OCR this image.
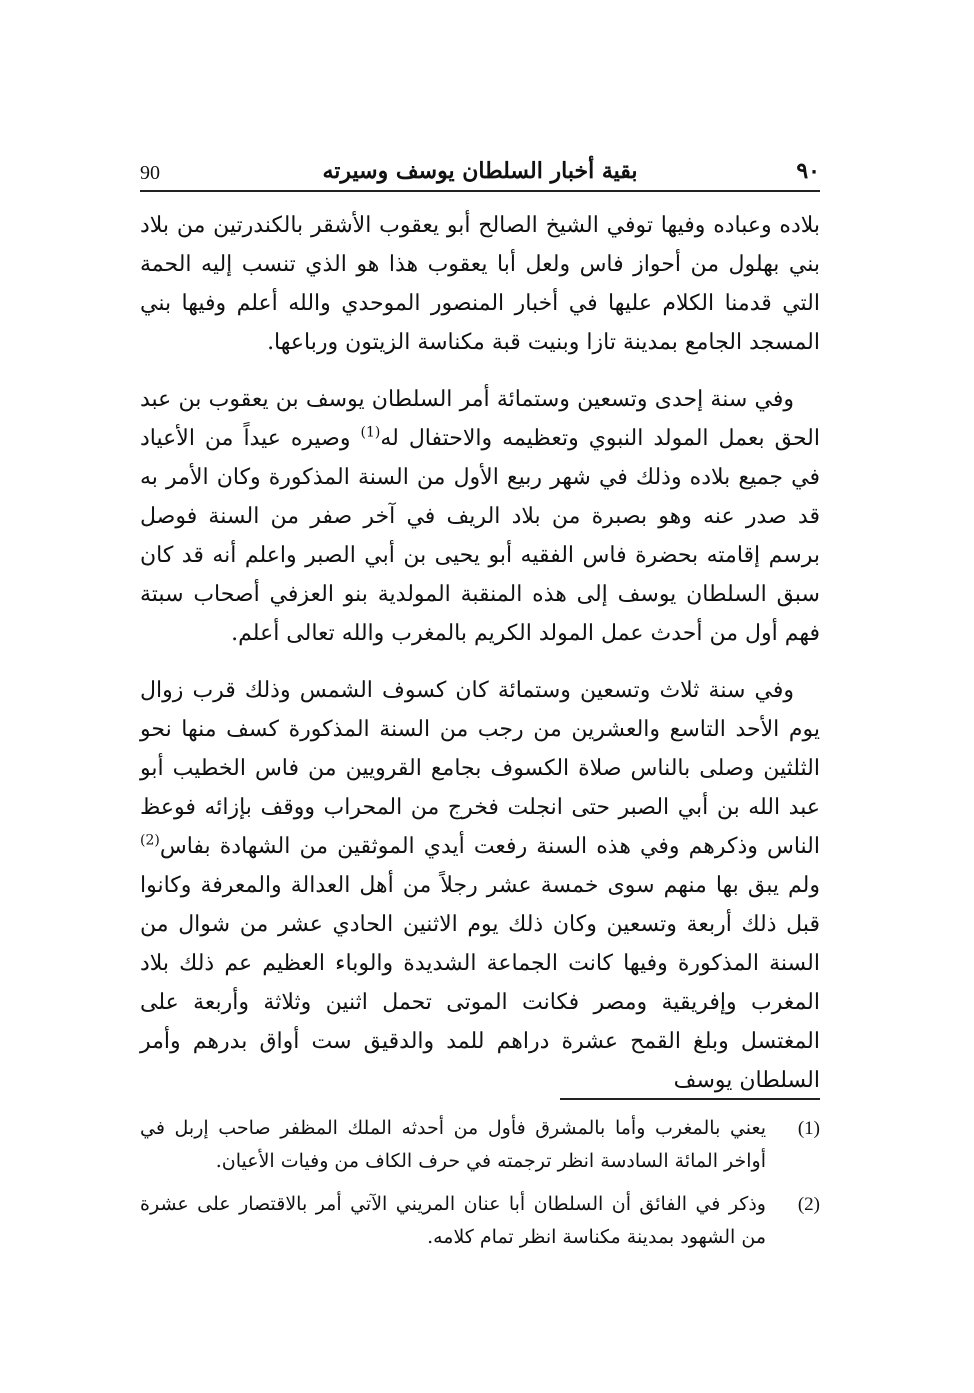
90	بقية أخبار السلطان يوسف وسيرته	٩٠

بلاده وعباده وفيها توفي الشيخ الصالح أبو يعقوب الأشقر بالكندرتين من بلاد بني بهلول من أحواز فاس ولعل أبا يعقوب هذا هو الذي تنسب إليه الحمة التي قدمنا الكلام عليها في أخبار المنصور الموحدي والله أعلم وفيها بني المسجد الجامع بمدينة تازا وبنيت قبة مكناسة الزيتون ورباعها.

وفي سنة إحدى وتسعين وستمائة أمر السلطان يوسف بن يعقوب بن عبد الحق بعمل المولد النبوي وتعظيمه والاحتفال له$^{(1)}$ وصيره عيداً من الأعياد في جميع بلاده وذلك في شهر ربيع الأول من السنة المذكورة وكان الأمر به قد صدر عنه وهو بصبرة من بلاد الريف في آخر صفر من السنة فوصل برسم إقامته بحضرة فاس الفقيه أبو يحيى بن أبي الصبر واعلم أنه قد كان سبق السلطان يوسف إلى هذه المنقبة المولدية بنو العزفي أصحاب سبتة فهم أول من أحدث عمل المولد الكريم بالمغرب والله تعالى أعلم.

وفي سنة ثلاث وتسعين وستمائة كان كسوف الشمس وذلك قرب زوال يوم الأحد التاسع والعشرين من رجب من السنة المذكورة كسف منها نحو الثلثين وصلى بالناس صلاة الكسوف بجامع القرويين من فاس الخطيب أبو عبد الله بن أبي الصبر حتى انجلت فخرج من المحراب ووقف بإزائه فوعظ الناس وذكرهم وفي هذه السنة رفعت أيدي الموثقين من الشهادة بفاس$^{(2)}$ ولم يبق بها منهم سوى خمسة عشر رجلاً من أهل العدالة والمعرفة وكانوا قبل ذلك أربعة وتسعين وكان ذلك يوم الاثنين الحادي عشر من شوال من السنة المذكورة وفيها كانت الجماعة الشديدة والوباء العظيم عم ذلك بلاد المغرب وإفريقية ومصر فكانت الموتى تحمل اثنين وثلاثة وأربعة على المغتسل وبلغ القمح عشرة دراهم للمد والدقيق ست أواق بدرهم وأمر السلطان يوسف

(1)
يعني بالمغرب وأما بالمشرق فأول من أحدثه الملك المظفر صاحب إربل في أواخر المائة السادسة انظر ترجمته في حرف الكاف من وفيات الأعيان.
(2)
وذكر في الفائق أن السلطان أبا عنان المريني الآتي أمر بالاقتصار على عشرة من الشهود بمدينة مكناسة انظر تمام كلامه.
